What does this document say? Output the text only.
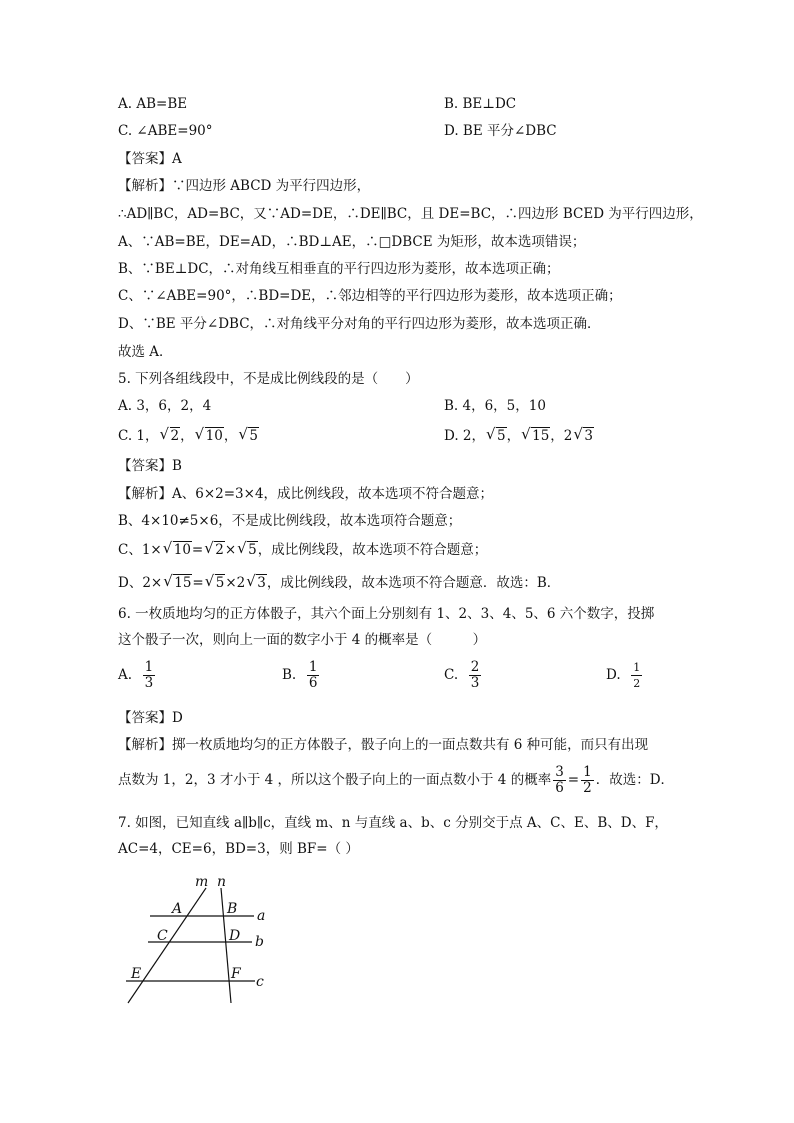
A. AB=BE	B. BE⊥DC
C. ∠ABE=90°	D. BE 平分∠DBC
【答案】A
【解析】∵四边形 ABCD 为平行四边形，
∴AD∥BC，AD=BC，又∵AD=DE，∴DE∥BC，且 DE=BC，∴四边形 BCED 为平行四边形，
A、∵AB=BE，DE=AD，∴BD⊥AE，∴□DBCE 为矩形，故本选项错误；
B、∵BE⊥DC，∴对角线互相垂直的平行四边形为菱形，故本选项正确；
C、∵∠ABE=90°，∴BD=DE，∴邻边相等的平行四边形为菱形，故本选项正确；
D、∵BE 平分∠DBC，∴对角线平分对角的平行四边形为菱形，故本选项正确．
故选 A．
5. 下列各组线段中，不是成比例线段的是（　　）
A. 3，6，2，4	B. 4，6，5，10
C. 1， √ 2， √ 10， √ 5	D. 2， √ 5， √ 15，2 √ 3
【答案】B
【解析】A、6×2=3×4，成比例线段，故本选项不符合题意；
B、4×10≠5×6，不是成比例线段，故本选项符合题意；
C、1× √ 10= √ 2× √ 5，成比例线段，故本选项不符合题意；
D、2× √ 15= √ 5×2 √ 3，成比例线段，故本选项不符合题意．故选：B．
6. 一枚质地均匀的正方体骰子，其六个面上分别刻有 1、2、3、4、5、6 六个数字，投掷
这个骰子一次，则向上一面的数字小于 4 的概率是（　　　）
A. $\frac{1}{3}$	B. $\frac{1}{6}$	C. $\frac{2}{3}$	D. $\frac{1}{2}$
【答案】D
【解析】掷一枚质地均匀的正方体骰子，骰子向上的一面点数共有 6 种可能，而只有出现
点数为 1，2，3 才小于 4 ，所以这个骰子向上的一面点数小于 4 的概率 $\frac{3}{6} = \frac{1}{2}$ ．故选：D．
7. 如图，已知直线 a∥b∥c，直线 m、n 与直线 a、b、c 分别交于点 A、C、E、B、D、F，
AC=4，CE=6，BD=3，则 BF=（ ）
m n
a
b
c
A	B
C	D
E	F
